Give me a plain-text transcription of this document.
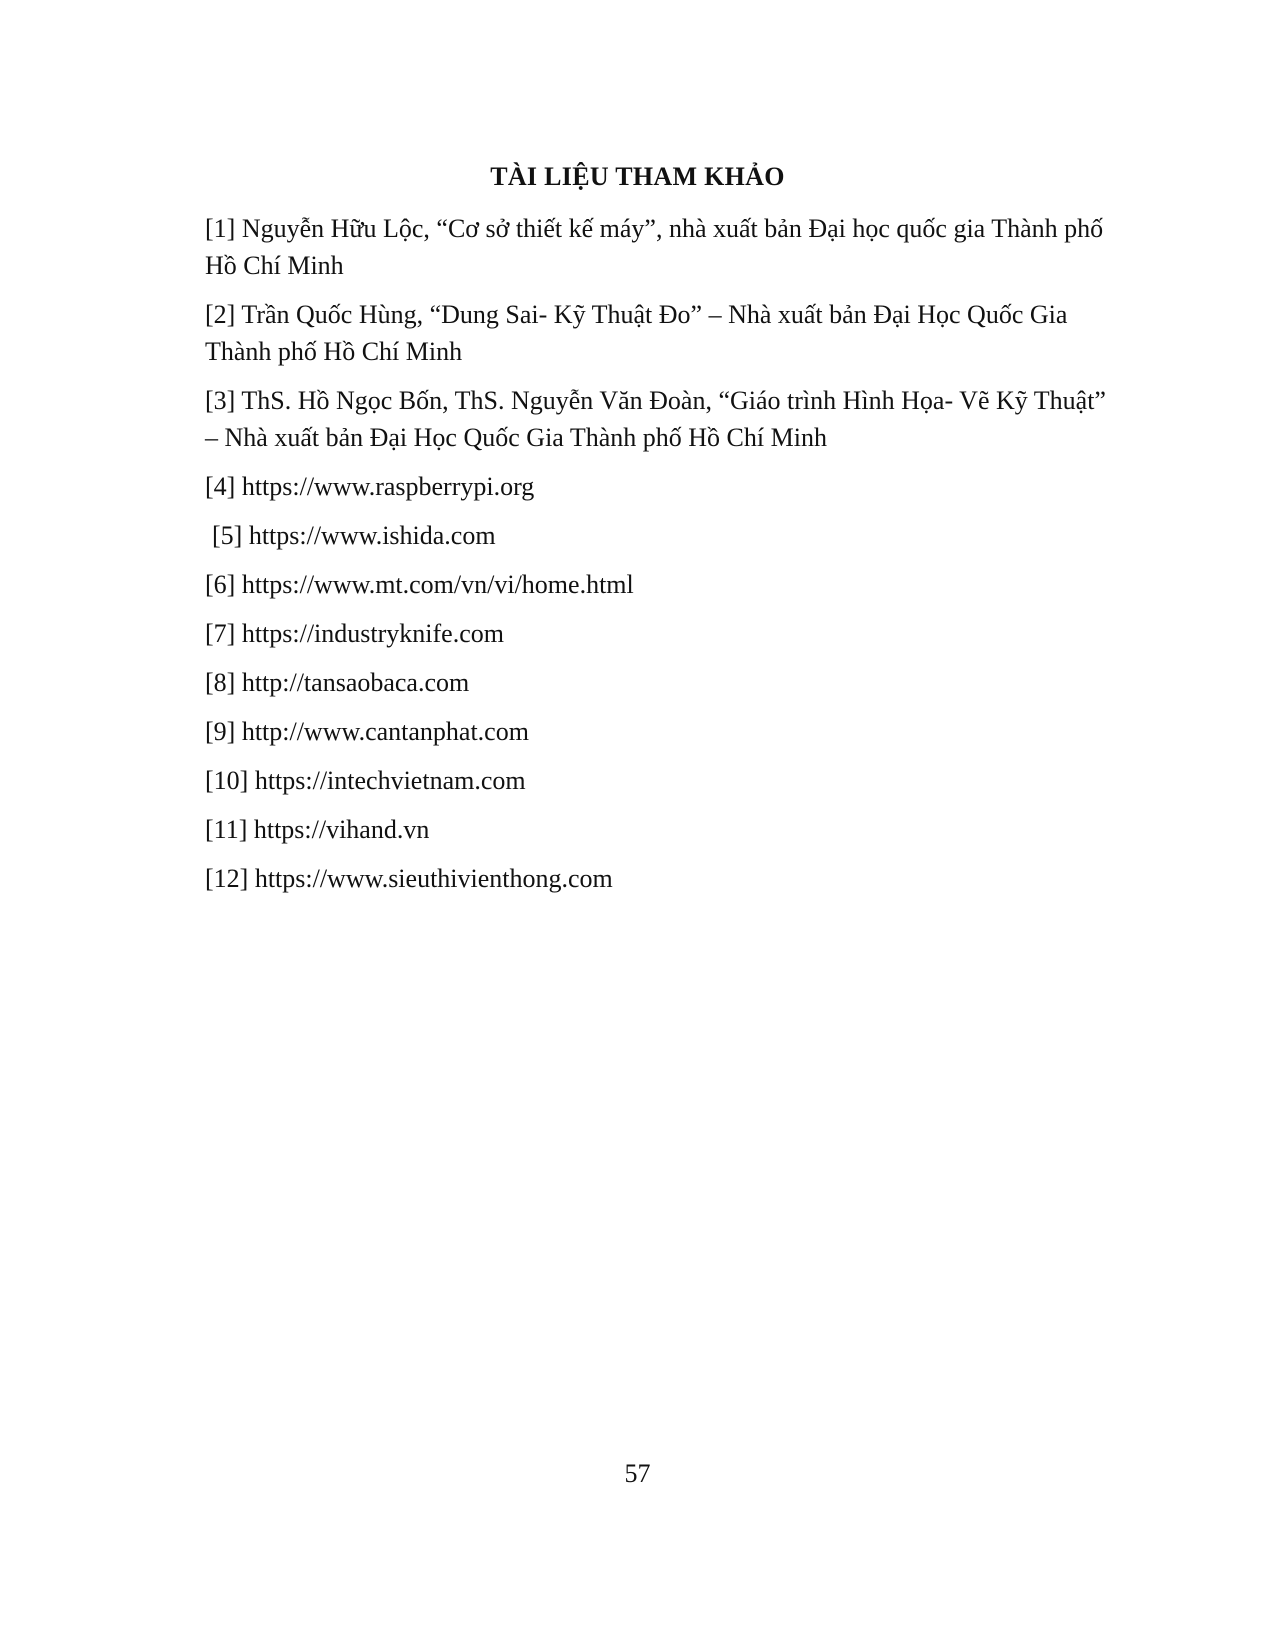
TÀI LIỆU THAM KHẢO
[1] Nguyễn Hữu Lộc, “Cơ sở thiết kế máy”, nhà xuất bản Đại học quốc gia Thành phố
Hồ Chí Minh
[2] Trần Quốc Hùng, “Dung Sai- Kỹ Thuật Đo” – Nhà xuất bản Đại Học Quốc Gia
Thành phố Hồ Chí Minh
[3] ThS. Hồ Ngọc Bốn, ThS. Nguyễn Văn Đoàn, “Giáo trình Hình Họa- Vẽ Kỹ Thuật”
– Nhà xuất bản Đại Học Quốc Gia Thành phố Hồ Chí Minh
[4] https://www.raspberrypi.org
[5] https://www.ishida.com
[6] https://www.mt.com/vn/vi/home.html
[7] https://industryknife.com
[8] http://tansaobaca.com
[9] http://www.cantanphat.com
[10] https://intechvietnam.com
[11] https://vihand.vn
[12] https://www.sieuthivienthong.com
57
